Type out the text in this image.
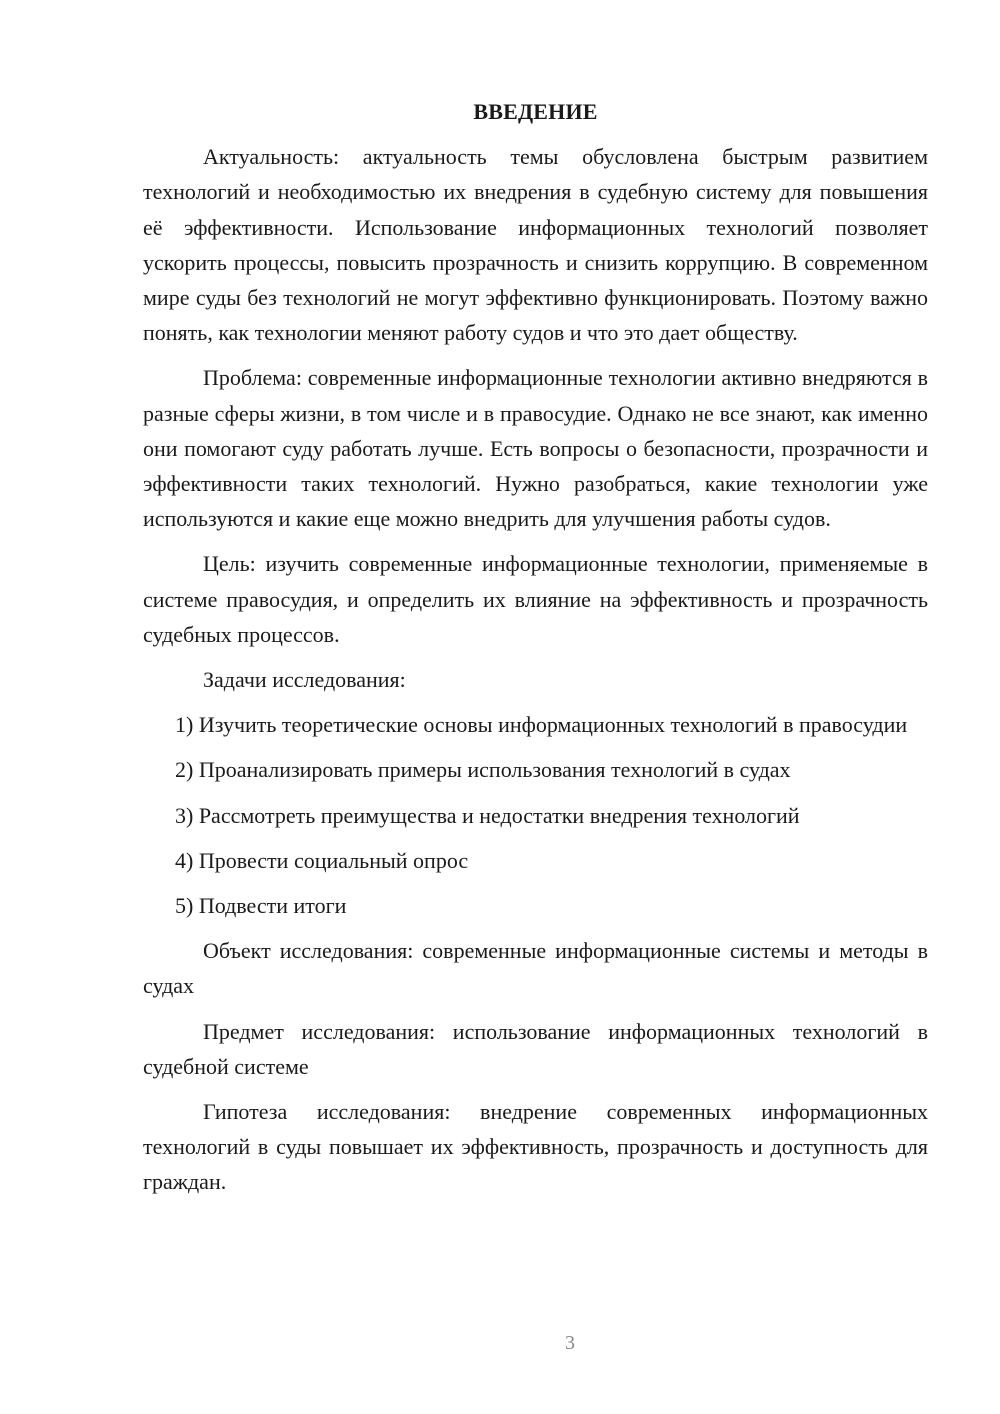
ВВЕДЕНИЕ

Актуальность: актуальность темы обусловлена быстрым развитием технологий и необходимостью их внедрения в судебную систему для повышения её эффективности. Использование информационных технологий позволяет ускорить процессы, повысить прозрачность и снизить коррупцию. В современном мире суды без технологий не могут эффективно функционировать. Поэтому важно понять, как технологии меняют работу судов и что это дает обществу.

Проблема: современные информационные технологии активно внедряются в разные сферы жизни, в том числе и в правосудие. Однако не все знают, как именно они помогают суду работать лучше. Есть вопросы о безопасности, прозрачности и эффективности таких технологий. Нужно разобраться, какие технологии уже используются и какие еще можно внедрить для улучшения работы судов.

Цель: изучить современные информационные технологии, применяемые в системе правосудия, и определить их влияние на эффективность и прозрачность судебных процессов.

Задачи исследования:

1) Изучить теоретические основы информационных технологий в правосудии

2) Проанализировать примеры использования технологий в судах

3) Рассмотреть преимущества и недостатки внедрения технологий

4) Провести социальный опрос

5) Подвести итоги

Объект исследования: современные информационные системы и методы в судах

Предмет исследования: использование информационных технологий в судебной системе

Гипотеза исследования: внедрение современных информационных технологий в суды повышает их эффективность, прозрачность и доступность для граждан.

3
